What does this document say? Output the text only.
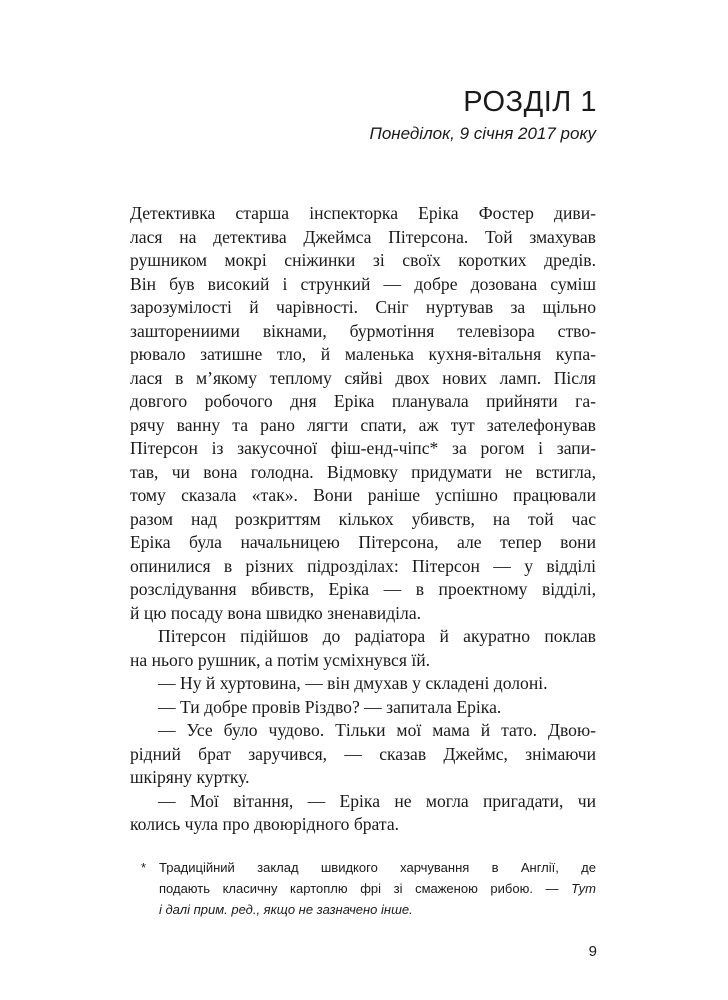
РОЗДІЛ 1

Понеділок, 9 січня 2017 року

Детективка старша інспекторка Еріка Фостер диви-
лася на детектива Джеймса Пітерсона. Той змахував
рушником мокрі сніжинки зі своїх коротких дредів.
Він був високий і стрункий — добре дозована суміш
зарозумілості й чарівності. Сніг нуртував за щільно
зашторениими вікнами, бурмотіння телевізора ство-
рювало затишне тло, й маленька кухня-вітальня купа-
лася в м’якому теплому сяйві двох нових ламп. Після
довгого робочого дня Еріка планувала прийняти га-
рячу ванну та рано лягти спати, аж тут зателефонував
Пітерсон із закусочної фіш-енд-чіпс* за рогом і запи-
тав, чи вона голодна. Відмовку придумати не встигла,
тому сказала «так». Вони раніше успішно працювали
разом над розкриттям кількох убивств, на той час
Еріка була начальницею Пітерсона, але тепер вони
опинилися в різних підрозділах: Пітерсон — у відділі
розслідування вбивств, Еріка — в проектному відділі,
й цю посаду вона швидко зненавиділа.

Пітерсон підійшов до радіатора й акуратно поклав
на нього рушник, а потім усміхнувся їй.

— Ну й хуртовина, — він дмухав у складені долоні.

— Ти добре провів Різдво? — запитала Еріка.

— Усе було чудово. Тільки мої мама й тато. Двою-
рідний брат заручився, — сказав Джеймс, знімаючи
шкіряну куртку.

— Мої вітання, — Еріка не могла пригадати, чи
колись чула про двоюрідного брата.

* Традиційний заклад швидкого харчування в Англії, де
подають класичну картоплю фрі зі смаженою рибою. — Тут
і далі прим. ред., якщо не зазначено інше.
9
